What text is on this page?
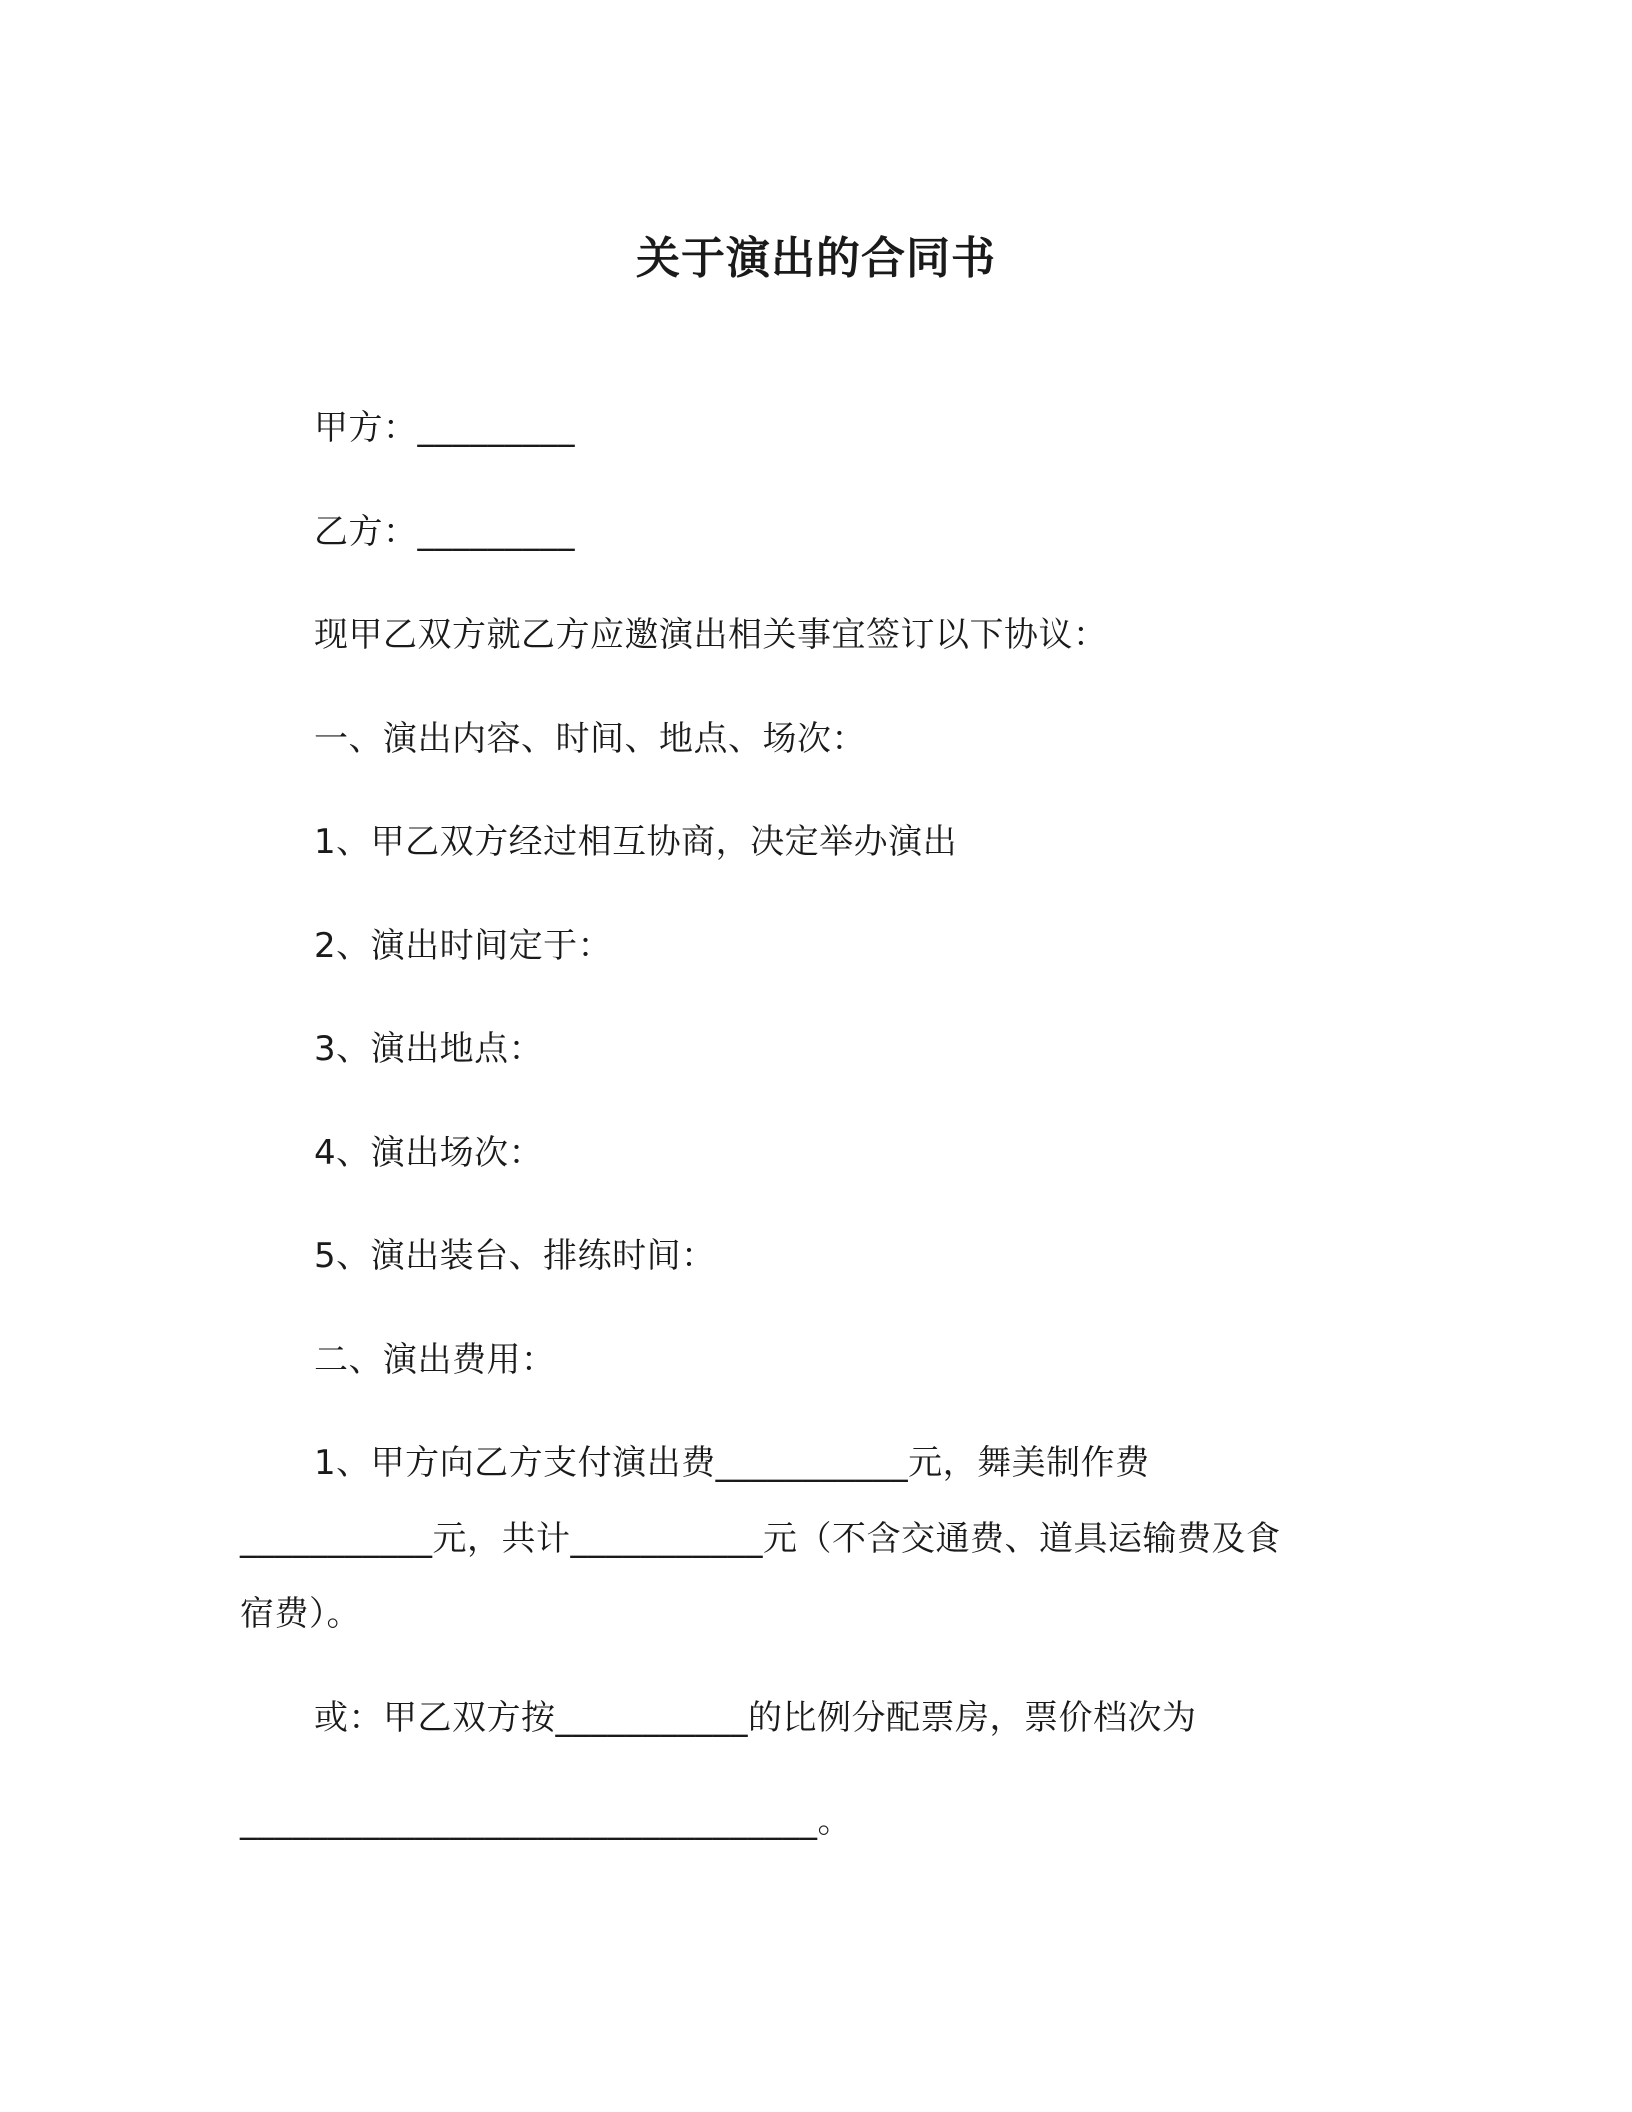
关于演出的合同书
甲方：_________
乙方：_________
现甲乙双方就乙方应邀演出相关事宜签订以下协议：
一、演出内容、时间、地点、场次：
1、甲乙双方经过相互协商，决定举办演出
2、演出时间定于：
3、演出地点：
4、演出场次：
5、演出装台、排练时间：
二、演出费用：
1、甲方向乙方支付演出费___________元，舞美制作费
___________元，共计___________元（不含交通费、道具运输费及食
宿费）。
或：甲乙双方按___________的比例分配票房，票价档次为
_________________________________。
